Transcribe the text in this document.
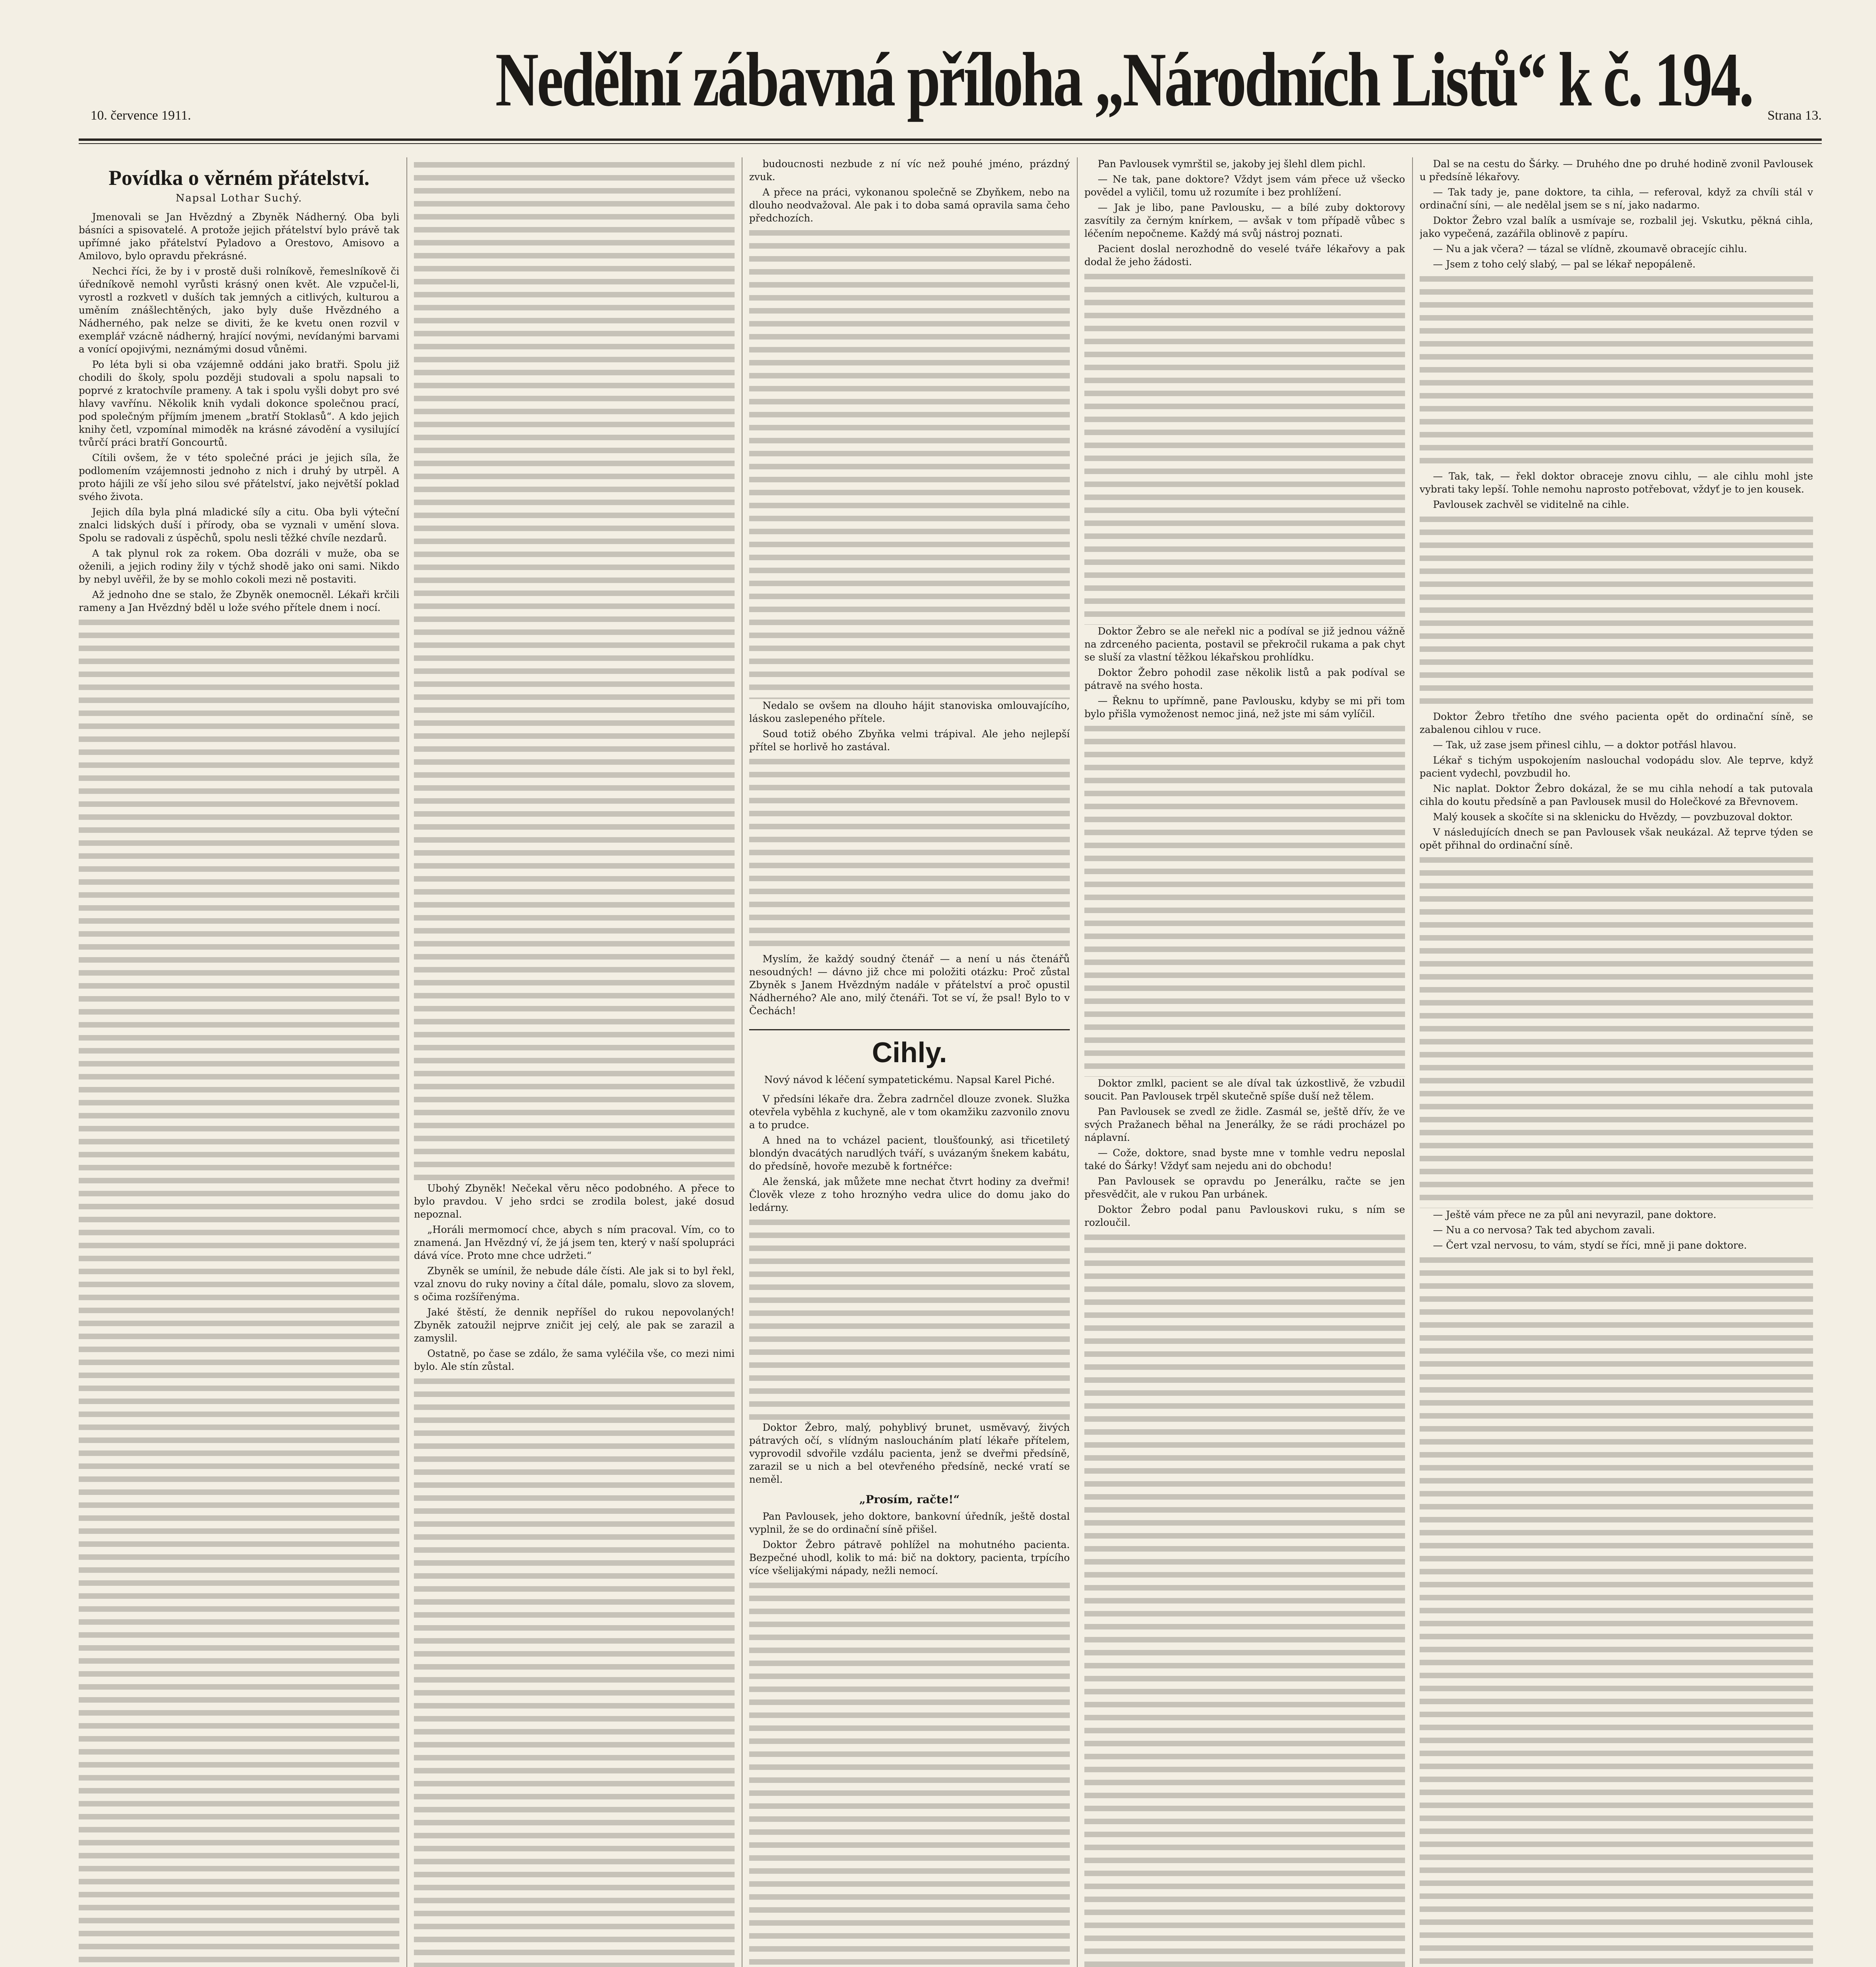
10. července 1911.	Nedělní zábavná příloha „Národních Listů“ k č. 194. Strana 13.
Povídka o věrném přátelství.
Napsal Lothar Suchý.

Jmenovali se Jan Hvězdný a Zbyněk Nádherný. Oba byli básníci a spisovatelé. A protože jejich přátelství bylo právě tak upřímné jako přátelství Pyladovo a Orestovo, Amisovo a Amilovo, bylo opravdu překrásné.

Nechci říci, že by i v prostě duši rolníkově, řemeslníkově či úředníkově nemohl vyrůsti krásný onen květ. Ale vzpučel-li, vyrostl a rozkvetl v duších tak jemných a citlivých, kulturou a uměním znášlechtěných, jako byly duše Hvězdného a Nádherného, pak nelze se diviti, že ke kvetu onen rozvil v exemplář vzácně nádherný, hrající novými, nevídanými barvami a vonící opojivými, neznámými dosud vůněmi.

Po léta byli si oba vzájemně oddáni jako bratři. Spolu již chodili do školy, spolu později studovali a spolu napsali to poprvé z kratochvíle prameny. A tak i spolu vyšli dobyt pro své hlavy vavřínu. Několik knih vydali dokonce společnou prací, pod společným příjmím jmenem „bratří Stoklasů“. A kdo jejich knihy četl, vzpomínal mimoděk na krásné závodění a vysilující tvůrčí práci bratří Goncourtů.

Cítili ovšem, že v této společné práci je jejich síla, že podlomením vzájemnosti jednoho z nich i druhý by utrpěl. A proto hájili ze vší jeho silou své přátelství, jako největší poklad svého života.

Jejich díla byla plná mladické síly a citu. Oba byli výteční znalci lidských duší i přírody, oba se vyznali v umění slova. Spolu se radovali z úspěchů, spolu nesli těžké chvíle nezdarů.

A tak plynul rok za rokem. Oba dozráli v muže, oba se oženili, a jejich rodiny žily v týchž shodě jako oni sami. Nikdo by nebyl uvěřil, že by se mohlo cokoli mezi ně postaviti.

Až jednoho dne se stalo, že Zbyněk onemocněl. Lékaři krčili rameny a Jan Hvězdný bděl u lože svého přítele dnem i nocí.

Ubohý Zbyněk! Nečekal věru něco podobného. A přece to bylo pravdou. V jeho srdci se zrodila bolest, jaké dosud nepoznal.

„Horáli mermomocí chce, abych s ním pracoval. Vím, co to znamená. Jan Hvězdný ví, že já jsem ten, který v naší spolupráci dává více. Proto mne chce udržeti.“

Zbyněk se umínil, že nebude dále čísti. Ale jak si to byl řekl, vzal znovu do ruky noviny a čítal dále, pomalu, slovo za slovem, s očima rozšířenýma.

Jaké štěstí, že dennik nepříšel do rukou nepovolaných! Zbyněk zatoužil nejprve zničit jej celý, ale pak se zarazil a zamyslil.

Ostatně, po čase se zdálo, že sama vyléčila vše, co mezi nimi bylo. Ale stín zůstal.

budoucnosti nezbude z ní víc než pouhé jméno, prázdný zvuk.

A přece na práci, vykonanou společně se Zbyňkem, nebo na dlouho neodvažoval. Ale pak i to doba samá opravila sama čeho předchozích.

Nedalo se ovšem na dlouho hájit stanoviska omlouvajícího, láskou zaslepeného přítele.

Soud totiž obého Zbyňka velmi trápival. Ale jeho nejlepší přítel se horlivě ho zastával.

Myslím, že každý soudný čtenář — a není u nás čtenářů nesoudných! — dávno již chce mi položiti otázku: Proč zůstal Zbyněk s Janem Hvězdným nadále v přátelství a proč opustil Nádherného? Ale ano, milý čtenáři. Tot se ví, že psal! Bylo to v Čechách!

Cihly.
Nový návod k léčení sympatetickému. Napsal Karel Piché.

V předsíni lékaře dra. Žebra zadrnčel dlouze zvonek. Služka otevřela vyběhla z kuchyně, ale v tom okamžiku zazvonilo znovu a to prudce.

A hned na to vcházel pacient, tloušťounký, asi třicetiletý blondýn dvacátých narudlých tváří, s uvázaným šnekem kabátu, do předsíně, hovoře mezubě k fortnéřce:

Ale ženská, jak můžete mne nechat čtvrt hodiny za dveřmi! Člověk vleze z toho hroznýho vedra ulice do domu jako do ledárny.

Doktor Žebro, malý, pohyblivý brunet, usměvavý, živých pátravých očí, s vlídným nasloucháním platí lékaře přítelem, vyprovodil sdvořile vzdálu pacienta, jenž se dveřmi předsíně, zarazil se u nich a bel otevřeného předsíně, necké vratí se neměl.

„Prosím, račte!“

Pan Pavlousek, jeho doktore, bankovní úředník, ještě dostal vyplnil, že se do ordinační síně přišel.

Doktor Žebro pátravě pohlížel na mohutného pacienta. Bezpečné uhodl, kolik to má: bič na doktory, pacienta, trpícího více všelijakými nápady, nežli nemocí.

Pan Pavlousek vymrštil se, jakoby jej šlehl dlem pichl.

— Ne tak, pane doktore? Vždyt jsem vám přece už všecko povědel a vyličil, tomu už rozumíte i bez prohlížení.

— Jak je libo, pane Pavlousku, — a bílé zuby doktorovy zasvítily za černým knírkem, — avšak v tom případě vůbec s léčením nepočneme. Každý má svůj nástroj poznati.

Pacient doslal nerozhodně do veselé tváře lékařovy a pak dodal že jeho žádosti.

Doktor Žebro se ale neřekl nic a podíval se již jednou vážně na zdrceného pacienta, postavil se překročil rukama a pak chyt se sluší za vlastní těžkou lékařskou prohlídku.

Doktor Žebro pohodil zase několik listů a pak podíval se pátravě na svého hosta.

— Řeknu to upřímně, pane Pavlousku, kdyby se mi při tom bylo přišla vymoženost nemoc jiná, než jste mi sám vylíčil.

Doktor zmlkl, pacient se ale díval tak úzkostlivě, že vzbudil soucit. Pan Pavlousek trpěl skutečně spíše duší než tělem.

Pan Pavlousek se zvedl ze židle. Zasmál se, ještě dřív, že ve svých Pražanech běhal na Jenerálky, že se rádi procházel po náplavní.

— Cože, doktore, snad byste mne v tomhle vedru neposlal také do Šárky! Vždyť sam nejedu ani do obchodu!

Pan Pavlousek se opravdu po Jenerálku, račte se jen přesvědčit, ale v rukou Pan urbánek.

Doktor Žebro podal panu Pavlouskovi ruku, s ním se rozloučil.

Dal se na cestu do Šárky. — Druhého dne po druhé hodině zvonil Pavlousek u předsíně lékařovy.

— Tak tady je, pane doktore, ta cihla, — referoval, když za chvíli stál v ordinační síni, — ale nedělal jsem se s ní, jako nadarmo.

Doktor Žebro vzal balík a usmívaje se, rozbalil jej. Vskutku, pěkná cihla, jako vypečená, zazářila oblinově z papíru.

— Nu a jak včera? — tázal se vlídně, zkoumavě obracejíc cihlu.

— Jsem z toho celý slabý, — pal se lékař nepopáleně.

— Tak, tak, — řekl doktor obraceje znovu cihlu, — ale cihlu mohl jste vybrati taky lepší. Tohle nemohu naprosto potřebovat, vždyť je to jen kousek.

Pavlousek zachvěl se viditelně na cihle.

Doktor Žebro třetího dne svého pacienta opět do ordinační síně, se zabalenou cihlou v ruce.

— Tak, už zase jsem přinesl cihlu, — a doktor potřásl hlavou.

Lékař s tichým uspokojením naslouchal vodopádu slov. Ale teprve, když pacient vydechl, povzbudil ho.

Nic naplat. Doktor Žebro dokázal, že se mu cihla nehodí a tak putovala cihla do koutu předsíně a pan Pavlousek musil do Holečkové za Břevnovem.

Malý kousek a skočíte si na sklenicku do Hvězdy, — povzbuzoval doktor.

V následujících dnech se pan Pavlousek však neukázal. Až teprve týden se opět přihnal do ordinační síně.

— Ještě vám přece ne za půl ani nevyrazil, pane doktore.

— Nu a co nervosa? Tak ted abychom zavali.

— Čert vzal nervosu, to vám, stydí se říci, mně ji pane doktore.
